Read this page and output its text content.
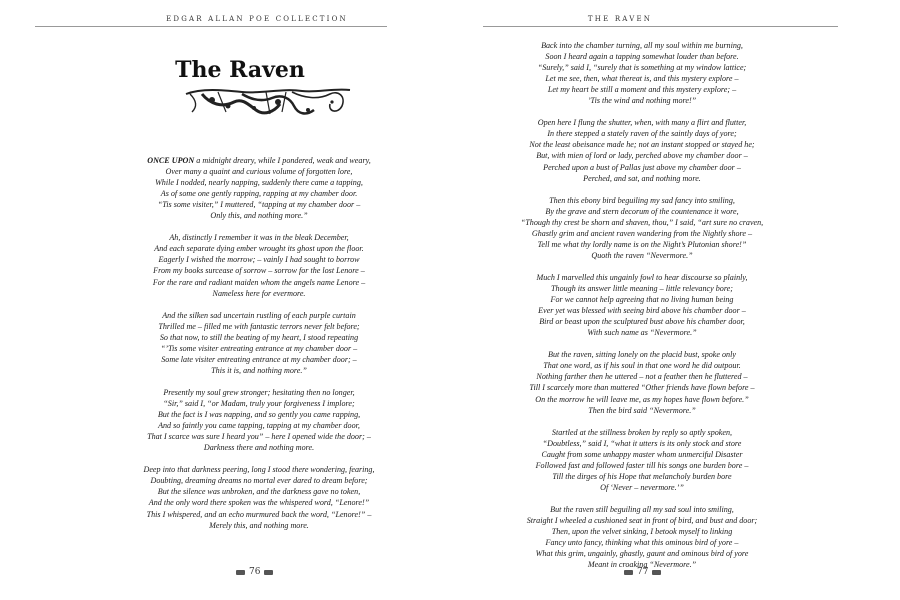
EDGAR ALLAN POE COLLECTION
The Raven
ONCE UPON a midnight dreary, while I pondered, weak and weary,
Over many a quaint and curious volume of forgotten lore,
While I nodded, nearly napping, suddenly there came a tapping,
As of some one gently rapping, rapping at my chamber door.
“Tis some visiter,” I muttered, “tapping at my chamber door –
Only this, and nothing more.”
Ah, distinctly I remember it was in the bleak December,
And each separate dying ember wrought its ghost upon the floor.
Eagerly I wished the morrow; – vainly I had sought to borrow
From my books surcease of sorrow – sorrow for the lost Lenore –
For the rare and radiant maiden whom the angels name Lenore –
Nameless here for evermore.
And the silken sad uncertain rustling of each purple curtain
Thrilled me – filled me with fantastic terrors never felt before;
So that now, to still the beating of my heart, I stood repeating
“’Tis some visiter entreating entrance at my chamber door –
Some late visiter entreating entrance at my chamber door; –
This it is, and nothing more.”
Presently my soul grew stronger; hesitating then no longer,
“Sir,” said I, “or Madam, truly your forgiveness I implore;
But the fact is I was napping, and so gently you came rapping,
And so faintly you came tapping, tapping at my chamber door,
That I scarce was sure I heard you” – here I opened wide the door; –
Darkness there and nothing more.
Deep into that darkness peering, long I stood there wondering, fearing,
Doubting, dreaming dreams no mortal ever dared to dream before;
But the silence was unbroken, and the darkness gave no token,
And the only word there spoken was the whispered word, “Lenore!”
This I whispered, and an echo murmured back the word, “Lenore!” –
Merely this, and nothing more.
76
THE RAVEN
77
Back into the chamber turning, all my soul within me burning,
Soon I heard again a tapping somewhat louder than before.
“Surely,” said I, “surely that is something at my window lattice;
Let me see, then, what thereat is, and this mystery explore –
Let my heart be still a moment and this mystery explore; –
’Tis the wind and nothing more!”
Open here I flung the shutter, when, with many a flirt and flutter,
In there stepped a stately raven of the saintly days of yore;
Not the least obeisance made he; not an instant stopped or stayed he;
But, with mien of lord or lady, perched above my chamber door –
Perched upon a bust of Pallas just above my chamber door –
Perched, and sat, and nothing more.
Then this ebony bird beguiling my sad fancy into smiling,
By the grave and stern decorum of the countenance it wore,
“Though thy crest be shorn and shaven, thou,” I said, “art sure no craven,
Ghastly grim and ancient raven wandering from the Nightly shore –
Tell me what thy lordly name is on the Night’s Plutonian shore!”
Quoth the raven “Nevermore.”
Much I marvelled this ungainly fowl to hear discourse so plainly,
Though its answer little meaning – little relevancy bore;
For we cannot help agreeing that no living human being
Ever yet was blessed with seeing bird above his chamber door –
Bird or beast upon the sculptured bust above his chamber door,
With such name as “Nevermore.”
But the raven, sitting lonely on the placid bust, spoke only
That one word, as if his soul in that one word he did outpour.
Nothing farther then he uttered – not a feather then he fluttered –
Till I scarcely more than muttered “Other friends have flown before –
On the morrow he will leave me, as my hopes have flown before.”
Then the bird said “Nevermore.”
Startled at the stillness broken by reply so aptly spoken,
“Doubtless,” said I, “what it utters is its only stock and store
Caught from some unhappy master whom unmerciful Disaster
Followed fast and followed faster till his songs one burden bore –
Till the dirges of his Hope that melancholy burden bore
Of ‘Never – nevermore.’”
But the raven still beguiling all my sad soul into smiling,
Straight I wheeled a cushioned seat in front of bird, and bust and door;
Then, upon the velvet sinking, I betook myself to linking
Fancy unto fancy, thinking what this ominous bird of yore –
What this grim, ungainly, ghastly, gaunt and ominous bird of yore
Meant in croaking “Nevermore.”
